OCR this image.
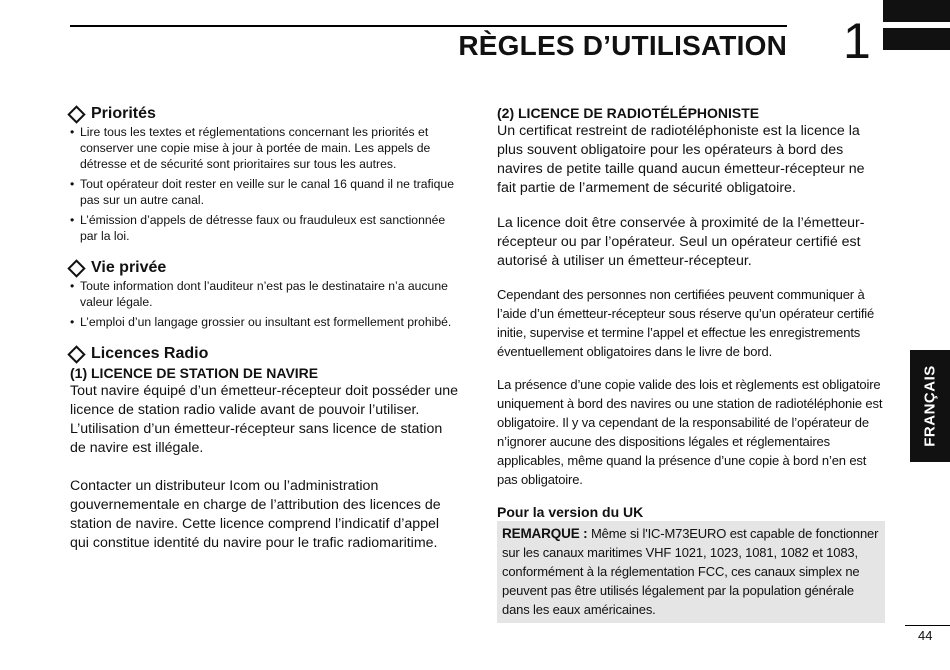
RÈGLES D’UTILISATION 1
FRANÇAIS
Priorités
• Lire tous les textes et réglementations concernant les priorités et conserver une copie mise à jour à portée de main. Les appels de détresse et de sécurité sont prioritaires sur tous les autres.
• Tout opérateur doit rester en veille sur le canal 16 quand il ne trafique pas sur un autre canal.
• L’émission d’appels de détresse faux ou frauduleux est sanctionnée par la loi.
Vie privée
• Toute information dont l’auditeur n’est pas le destinataire n’a aucune valeur légale.
• L’emploi d’un langage grossier ou insultant est formellement prohibé.
Licences Radio
(1) LICENCE DE STATION DE NAVIRE

Tout navire équipé d’un émetteur-récepteur doit posséder une licence de station radio valide avant de pouvoir l’utiliser. L’utilisation d’un émetteur-récepteur sans licence de station de navire est illégale.

Contacter un distributeur Icom ou l’administration gouvernementale en charge de l’attribution des licences de station de navire. Cette licence comprend l’indicatif d’appel qui constitue identité du navire pour le trafic radiomaritime.

(2) LICENCE DE RADIOTÉLÉPHONISTE

Un certificat restreint de radiotéléphoniste est la licence la plus souvent obligatoire pour les opérateurs à bord des navires de petite taille quand aucun émetteur-récepteur ne fait partie de l’armement de sécurité obligatoire.

La licence doit être conservée à proximité de la l’émetteur-récepteur ou par l’opérateur. Seul un opérateur certifié est autorisé à utiliser un émetteur-récepteur.

Cependant des personnes non certifiées peuvent communiquer à l’aide d’un émetteur-récepteur sous réserve qu’un opérateur certifié initie, supervise et termine l’appel et effectue les enregistrements éventuellement obligatoires dans le livre de bord.

La présence d’une copie valide des lois et règlements est obligatoire uniquement à bord des navires ou une station de radiotéléphonie est obligatoire. Il y va cependant de la responsabilité de l’opérateur de n’ignorer aucune des dispositions légales et réglementaires applicables, même quand la présence d’une copie à bord n’en est pas obligatoire.

Pour la version du UK
REMARQUE : Même si l'IC-M73EURO est capable de fonctionner sur les canaux maritimes VHF 1021, 1023, 1081, 1082 et 1083, conformément à la réglementation FCC, ces canaux simplex ne peuvent pas être utilisés légalement par la population générale dans les eaux américaines.
44
